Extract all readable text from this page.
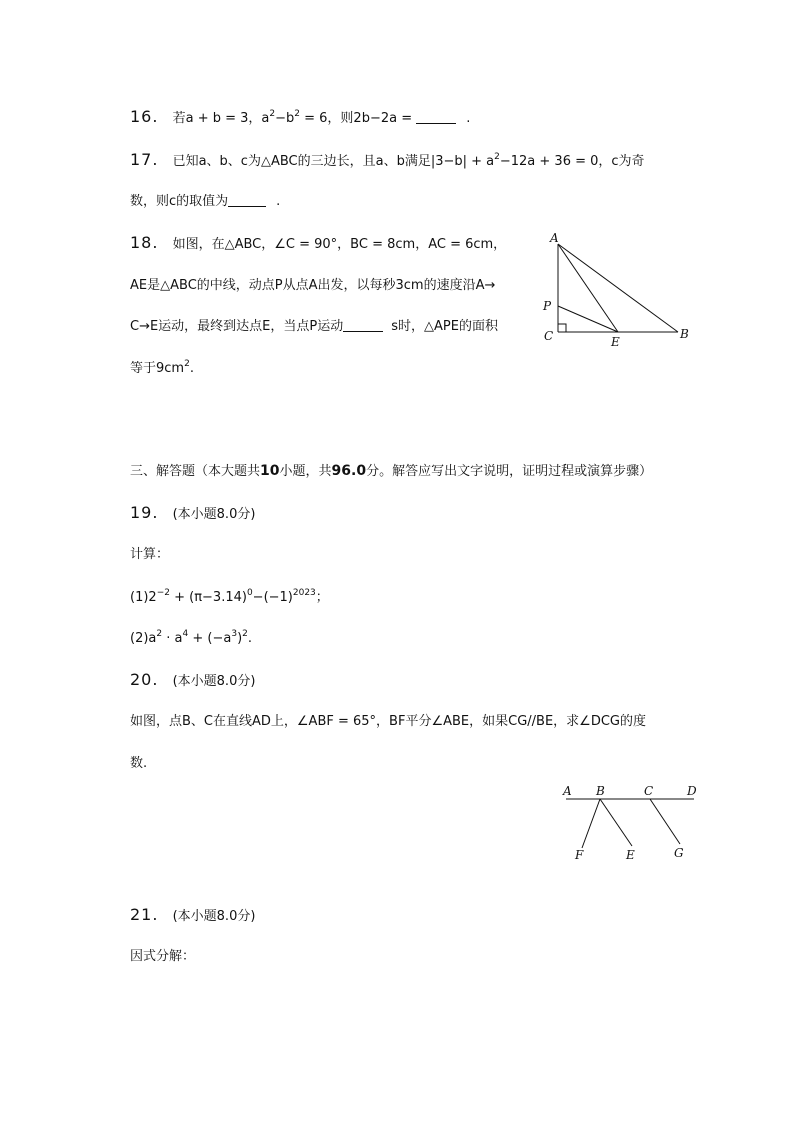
16. 若a + b = 3，$a^2-b^2 = 6$，则2b−2a =	.
17. 已知a、b、c为△ABC的三边长，且a、b满足$|3-b| + a^2-12a + 36 = 0$，c为奇
数，则c的取值为	.
18. 如图，在△ABC，∠C = 90°，BC = 8cm，AC = 6cm，
AE是△ABC的中线，动点P从点A出发，以每秒3cm的速度沿A→
C→E运动，最终到达点E，当点P运动	s时，△APE的面积
等于$9cm^2$.
A
P
C	E
B
三、解答题（本大题共10小题，共96.0分。解答应写出文字说明，证明过程或演算步骤）
19. (本小题8.0分)
计算：
$(1)2^{-2} + (\pi-3.14)^0-(-1)^{2023}$；
$(2)a^2 \cdot a^4 + (-a^3)^2$.
20. (本小题8.0分)
如图，点B、C在直线AD上，∠ABF = 65°，BF平分∠ABE，如果CG//BE，求∠DCG的度
数.
A B	C	D
F	E	G
21. (本小题8.0分)
因式分解：
